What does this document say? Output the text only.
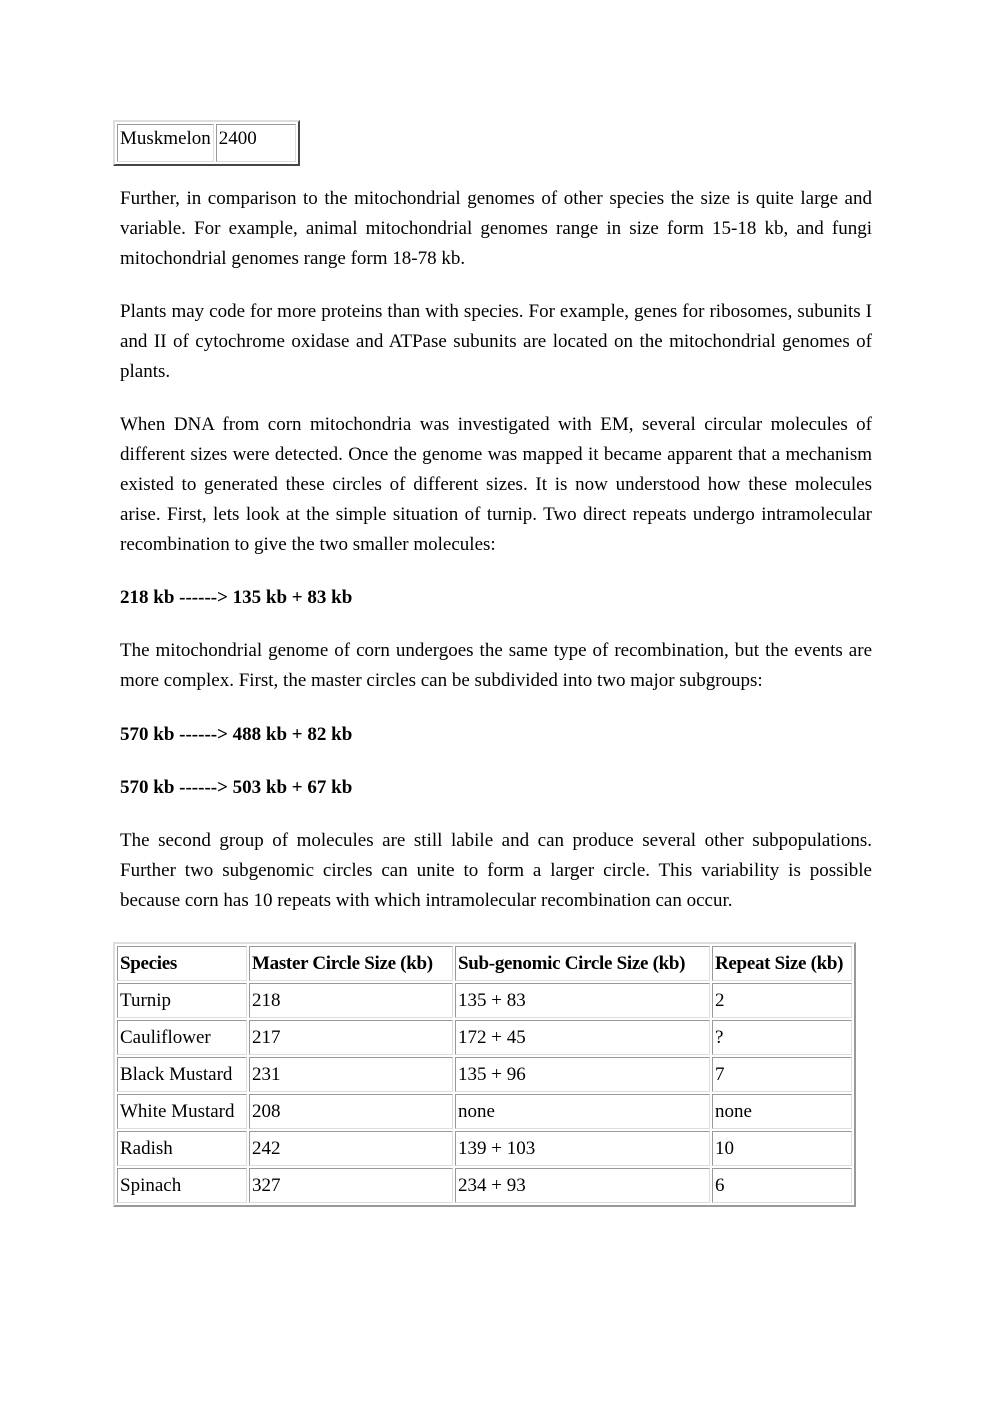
Muskmelon	2400

Further, in comparison to the mitochondrial genomes of other species the size is quite large and variable. For example, animal mitochondrial genomes range in size form 15-18 kb, and fungi mitochondrial genomes range form 18-78 kb.

Plants may code for more proteins than with species. For example, genes for ribosomes, subunits I and II of cytochrome oxidase and ATPase subunits are located on the mitochondrial genomes of plants.

When DNA from corn mitochondria was investigated with EM, several circular molecules of different sizes were detected. Once the genome was mapped it became apparent that a mechanism existed to generated these circles of different sizes. It is now understood how these molecules arise. First, lets look at the simple situation of turnip. Two direct repeats undergo intramolecular recombination to give the two smaller molecules:

218 kb ------> 135 kb + 83 kb

The mitochondrial genome of corn undergoes the same type of recombination, but the events are more complex. First, the master circles can be subdivided into two major subgroups:

570 kb ------> 488 kb + 82 kb

570 kb ------> 503 kb + 67 kb

The second group of molecules are still labile and can produce several other subpopulations. Further two subgenomic circles can unite to form a larger circle. This variability is possible because corn has 10 repeats with which intramolecular recombination can occur.

Species	Master Circle Size (kb)	Sub-genomic Circle Size (kb)	Repeat Size (kb)
Turnip	218	135 + 83	2
Cauliflower	217	172 + 45	?
Black Mustard	231	135 + 96	7
White Mustard	208	none	none
Radish	242	139 + 103	10
Spinach	327	234 + 93	6
